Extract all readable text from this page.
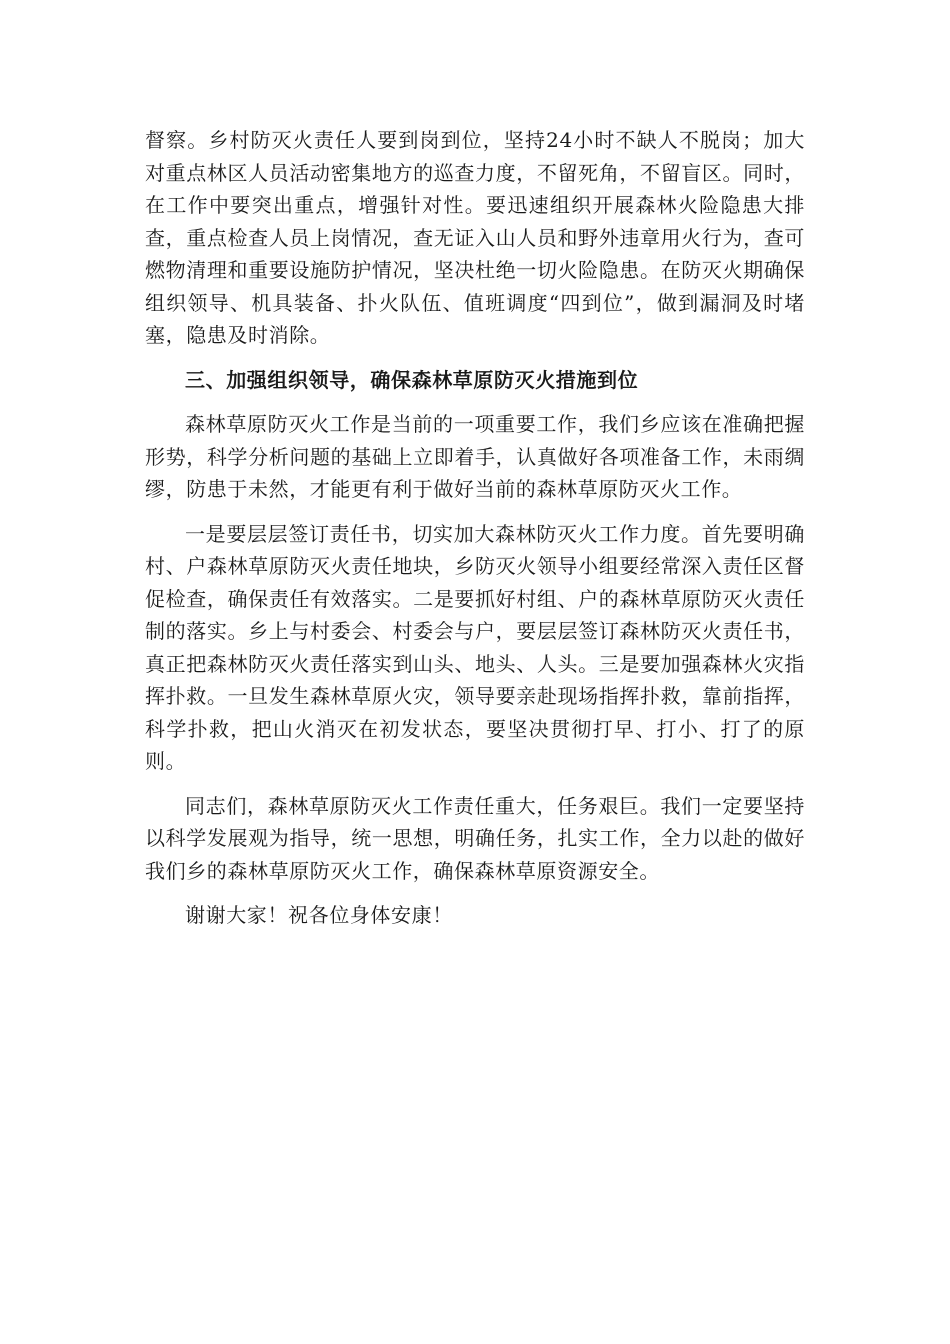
督察。乡村防灭火责任人要到岗到位，坚持24小时不缺人不脱岗；加大对重点林区人员活动密集地方的巡查力度，不留死角，不留盲区。同时，在工作中要突出重点，增强针对性。要迅速组织开展森林火险隐患大排查，重点检查人员上岗情况，查无证入山人员和野外违章用火行为，查可燃物清理和重要设施防护情况，坚决杜绝一切火险隐患。在防灭火期确保组织领导、机具装备、扑火队伍、值班调度“四到位”，做到漏洞及时堵塞，隐患及时消除。

三、加强组织领导，确保森林草原防灭火措施到位

森林草原防灭火工作是当前的一项重要工作，我们乡应该在准确把握形势，科学分析问题的基础上立即着手，认真做好各项准备工作，未雨绸缪，防患于未然，才能更有利于做好当前的森林草原防灭火工作。

一是要层层签订责任书，切实加大森林防灭火工作力度。首先要明确村、户森林草原防灭火责任地块，乡防灭火领导小组要经常深入责任区督促检查，确保责任有效落实。二是要抓好村组、户的森林草原防灭火责任制的落实。乡上与村委会、村委会与户，要层层签订森林防灭火责任书，真正把森林防灭火责任落实到山头、地头、人头。三是要加强森林火灾指挥扑救。一旦发生森林草原火灾，领导要亲赴现场指挥扑救，靠前指挥，科学扑救，把山火消灭在初发状态，要坚决贯彻打早、打小、打了的原则。

同志们，森林草原防灭火工作责任重大，任务艰巨。我们一定要坚持以科学发展观为指导，统一思想，明确任务，扎实工作，全力以赴的做好我们乡的森林草原防灭火工作，确保森林草原资源安全。

谢谢大家！祝各位身体安康！
